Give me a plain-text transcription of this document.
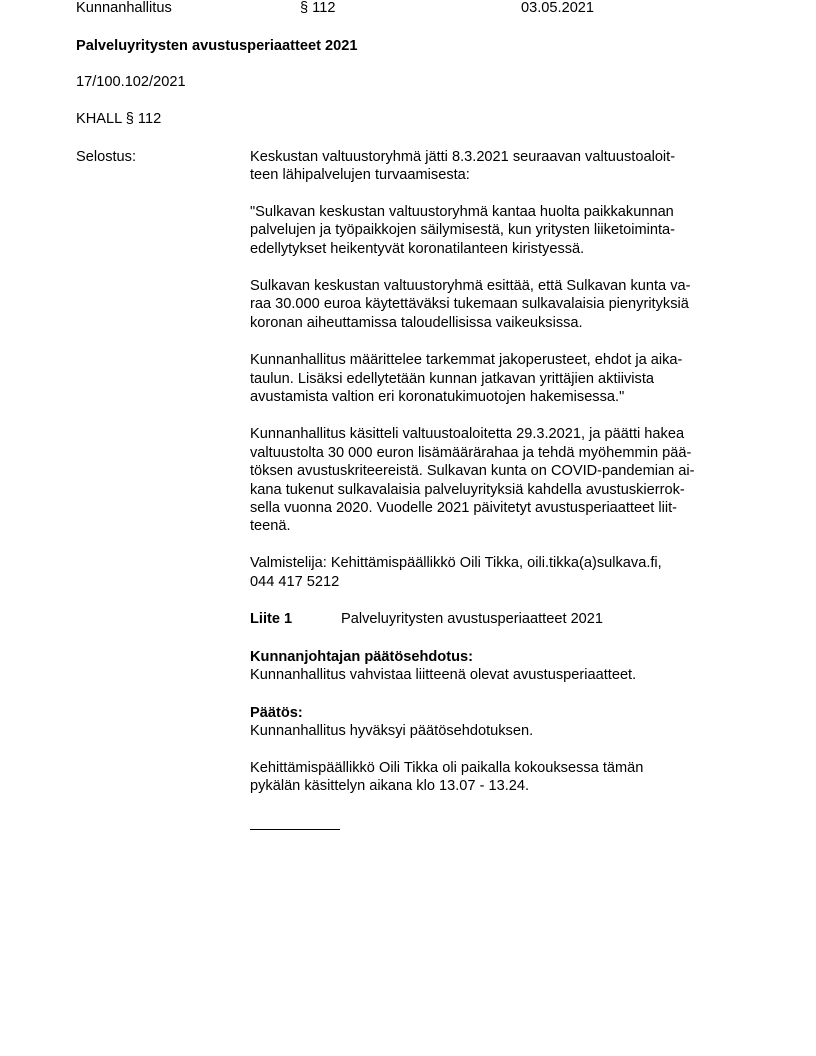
Kunnanhallitus	§ 112	03.05.2021
Palveluyritysten avustusperiaatteet 2021
17/100.102/2021
KHALL § 112
Selostus:	Keskustan valtuustoryhmä jätti 8.3.2021 seuraavan valtuustoaloit-
teen lähipalvelujen turvaamisesta:
"Sulkavan keskustan valtuustoryhmä kantaa huolta paikkakunnan
palvelujen ja työpaikkojen säilymisestä, kun yritysten liiketoiminta-
edellytykset heikentyvät koronatilanteen kiristyessä.
Sulkavan keskustan valtuustoryhmä esittää, että Sulkavan kunta va-
raa 30.000 euroa käytettäväksi tukemaan sulkavalaisia pienyrityksiä
koronan aiheuttamissa taloudellisissa vaikeuksissa.
Kunnanhallitus määrittelee tarkemmat jakoperusteet, ehdot ja aika-
taulun. Lisäksi edellytetään kunnan jatkavan yrittäjien aktiivista
avustamista valtion eri koronatukimuotojen hakemisessa."
Kunnanhallitus käsitteli valtuustoaloitetta 29.3.2021, ja päätti hakea
valtuustolta 30 000 euron lisämäärärahaa ja tehdä myöhemmin pää-
töksen avustuskriteereistä. Sulkavan kunta on COVID-pandemian ai-
kana tukenut sulkavalaisia palveluyrityksiä kahdella avustuskierrok-
sella vuonna 2020. Vuodelle 2021 päivitetyt avustusperiaatteet liit-
teenä.
Valmistelija: Kehittämispäällikkö Oili Tikka, oili.tikka(a)sulkava.fi,
044 417 5212
Liite 1	Palveluyritysten avustusperiaatteet 2021
Kunnanjohtajan päätösehdotus:
Kunnanhallitus vahvistaa liitteenä olevat avustusperiaatteet.
Päätös:
Kunnanhallitus hyväksyi päätösehdotuksen.
Kehittämispäällikkö Oili Tikka oli paikalla kokouksessa tämän
pykälän käsittelyn aikana klo 13.07 - 13.24.
